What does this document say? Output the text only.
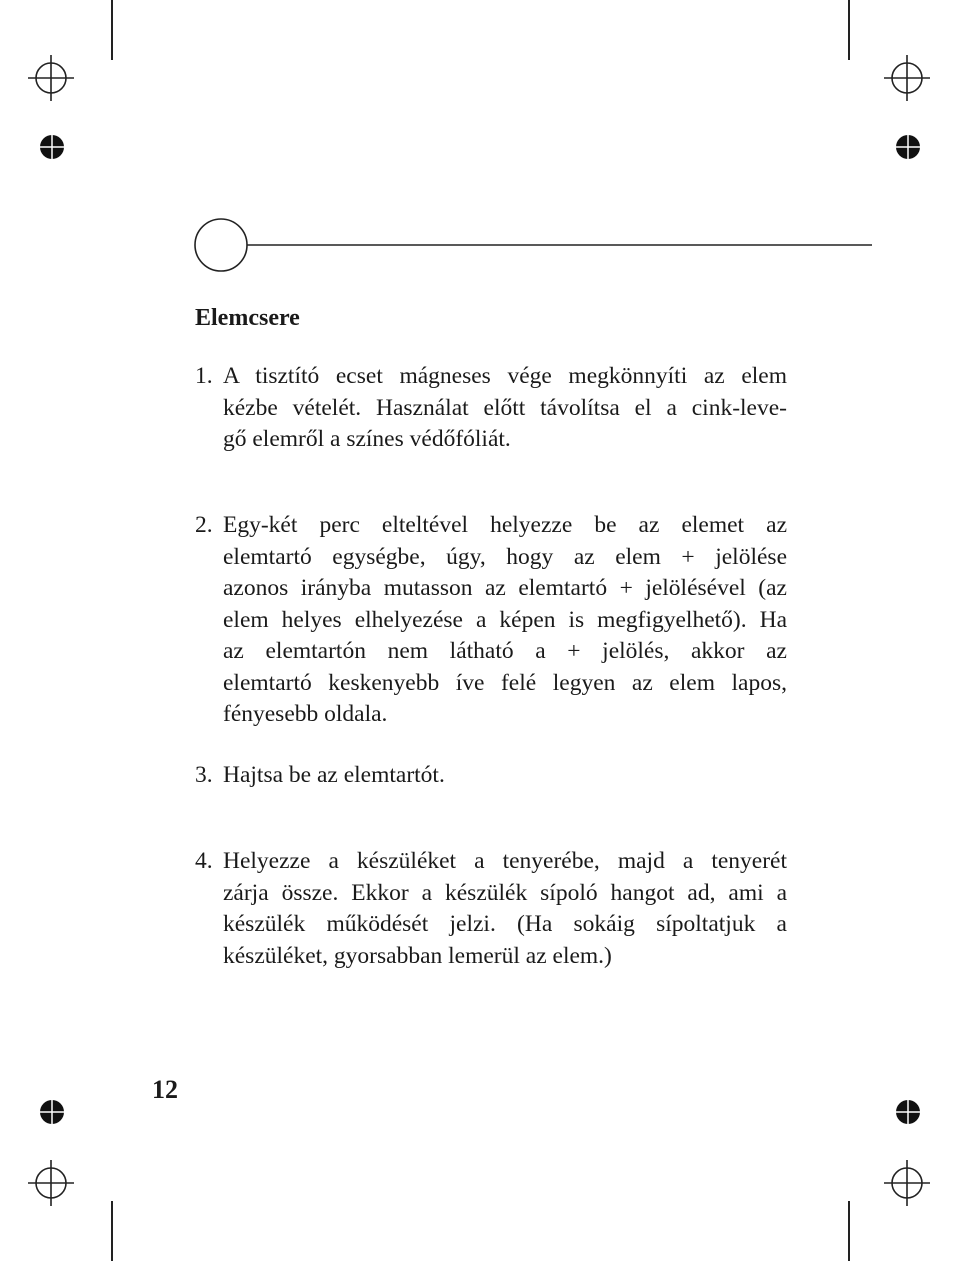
Elemcsere
1. A tisztító ecset mágneses vége megkönnyíti az elem
kézbe vételét. Használat előtt távolítsa el a cink-leve-
gő elemről a színes védőfóliát.
2. Egy-két perc elteltével helyezze be az elemet az
elemtartó egységbe, úgy, hogy az elem + jelölése
azonos irányba mutasson az elemtartó + jelölésével (az
elem helyes elhelyezése a képen is megfigyelhető). Ha
az elemtartón nem látható a + jelölés, akkor az
elemtartó keskenyebb íve felé legyen az elem lapos,
fényesebb oldala.
3. Hajtsa be az elemtartót.
4. Helyezze a készüléket a tenyerébe, majd a tenyerét
zárja össze. Ekkor a készülék sípoló hangot ad, ami a
készülék működését jelzi. (Ha sokáig sípoltatjuk a
készüléket, gyorsabban lemerül az elem.)
12
